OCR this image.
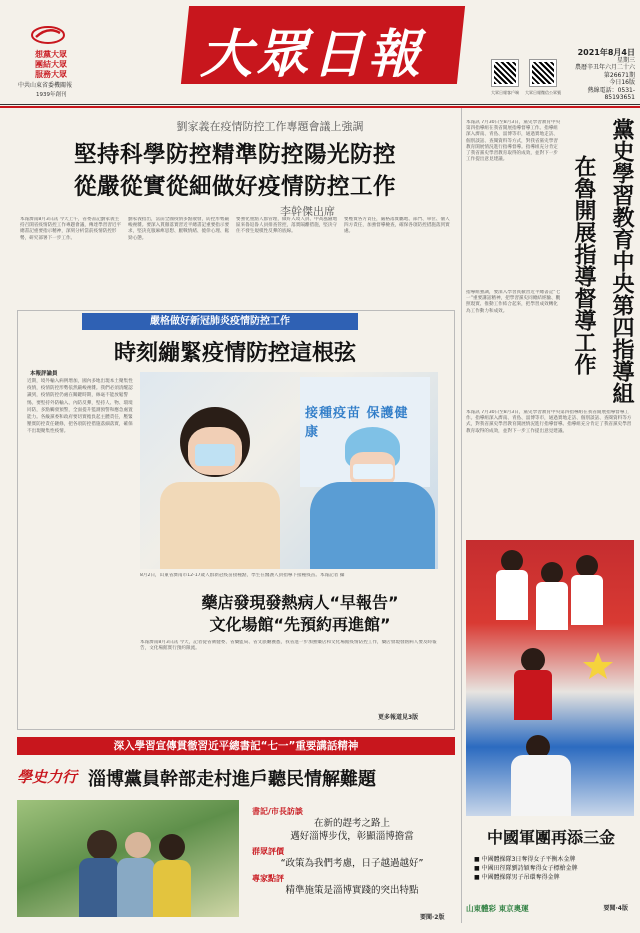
想黨大眾
團結大眾
服務大眾
中共山東省委機關報
1939年創刊
大眾日報
大眾日報客戶端	大眾日報微信公眾號
2021年8月4日
星期三
農曆辛丑年六月二十六
第26671期
今日16版
熱線電話：0531-85193651
劉家義在疫情防控工作專題會議上強調
堅持科學防控精準防控陽光防控
從嚴從實從細做好疫情防控工作
李幹傑出席
本報濟南8月3日訊 今天上午，省委書記劉家義主持召開省疫情防控工作專題會議，傳達學習習近平總書記重要指示精神，深刻分析當前疫情防控形勢，研究部署下一步工作。
劉家義指出，當前全國疫情多點散發，防控形勢嚴峻複雜。要深入貫徹落實習近平總書記重要指示要求，堅決克服麻痺思想、厭戰情緒、僥倖心理、鬆勁心態。
要強化重點人群管理，做好入境人員、中高風險地區來魯返魯人員排查管控，落實隔離措施，堅決守住不發生規模性反彈的底線。
要壓實各方責任，嚴格落實屬地、部門、單位、個人四方責任，加強督導檢查，確保各項防控措施落到實處。
嚴格做好新冠肺炎疫情防控工作
時刻繃緊疫情防控這根弦
本報評論員
近期，境外輸入病例增加，國內多地出現本土聚集性疫情，疫情防控形勢依然嚴峻複雜。我們必須清醒認識到，疫情防控仍處在關鍵時期，絲毫不能放鬆警惕。要堅持外防輸入、內防反彈，堅持人、物、環境同防，多點觸發預警，全面提升監測預警和應急處置能力。各級黨委和政府要切實擔負起主體責任，壓緊壓實防控責任鏈條，把各項防控措施落細落實，確保不出現聚集性疫情。
接種疫苗 保護健康
8月2日，山東省濟南市12-17歲人群新冠疫苗接種點，學生在醫護人員指導下接種疫苗。本報記者 攝
藥店發現發熱病人“早報告”
文化場館“先預約再進館”
本報濟南8月3日訊 今天，記者從省衛健委、省藥監局、省文旅廳獲悉，我省進一步加強藥店和文化場館疫情防控工作，藥店發現發熱病人要及時報告，文化場館實行預約限流。
更多報道見3版
深入學習宣傳貫徹習近平總書記“七一”重要講話精神
學史力行 淄博黨員幹部走村進戶聽民情解難題
書記/市長訪談
在新的趕考之路上
邁好淄博步伐，彰顯淄博擔當
群眾評價
“政策為我們考慮，日子越過越好”
專家點評
精準施策是淄博實踐的突出特點
要聞·2版
本報訊 7月30日至8月3日，黨史學習教育中央第四指導組在我省開展指導督導工作。指導組深入濟南、青島、淄博等市，通過實地走訪、個別談話、查閱資料等方式，對我省黨史學習教育開展情況進行指導督導。指導組充分肯定了我省黨史學習教育取得的成效，並對下一步工作提出意見建議。	黨史學習教育中央第四指導組
在魯開展指導督導工作
指導組強調，要深入學習貫徹習近平總書記“七一”重要講話精神，把學習黨史同總結經驗、觀照現實、推動工作結合起來，把學習成效轉化為工作動力和成效。
本報訊 7月30日至8月3日，黨史學習教育中央第四指導組在我省開展指導督導工作。指導組深入濟南、青島、淄博等市，通過實地走訪、個別談話、查閱資料等方式，對我省黨史學習教育開展情況進行指導督導。指導組充分肯定了我省黨史學習教育取得的成效，並對下一步工作提出意見建議。
中國軍團再添三金
■ 中國體操隊3日奪得女子平衡木金牌
■ 中國田徑隊劉詩穎奪得女子標槍金牌
■ 中國體操隊男子吊環奪得金牌
山東體彩 東京奧運	要聞·4版
